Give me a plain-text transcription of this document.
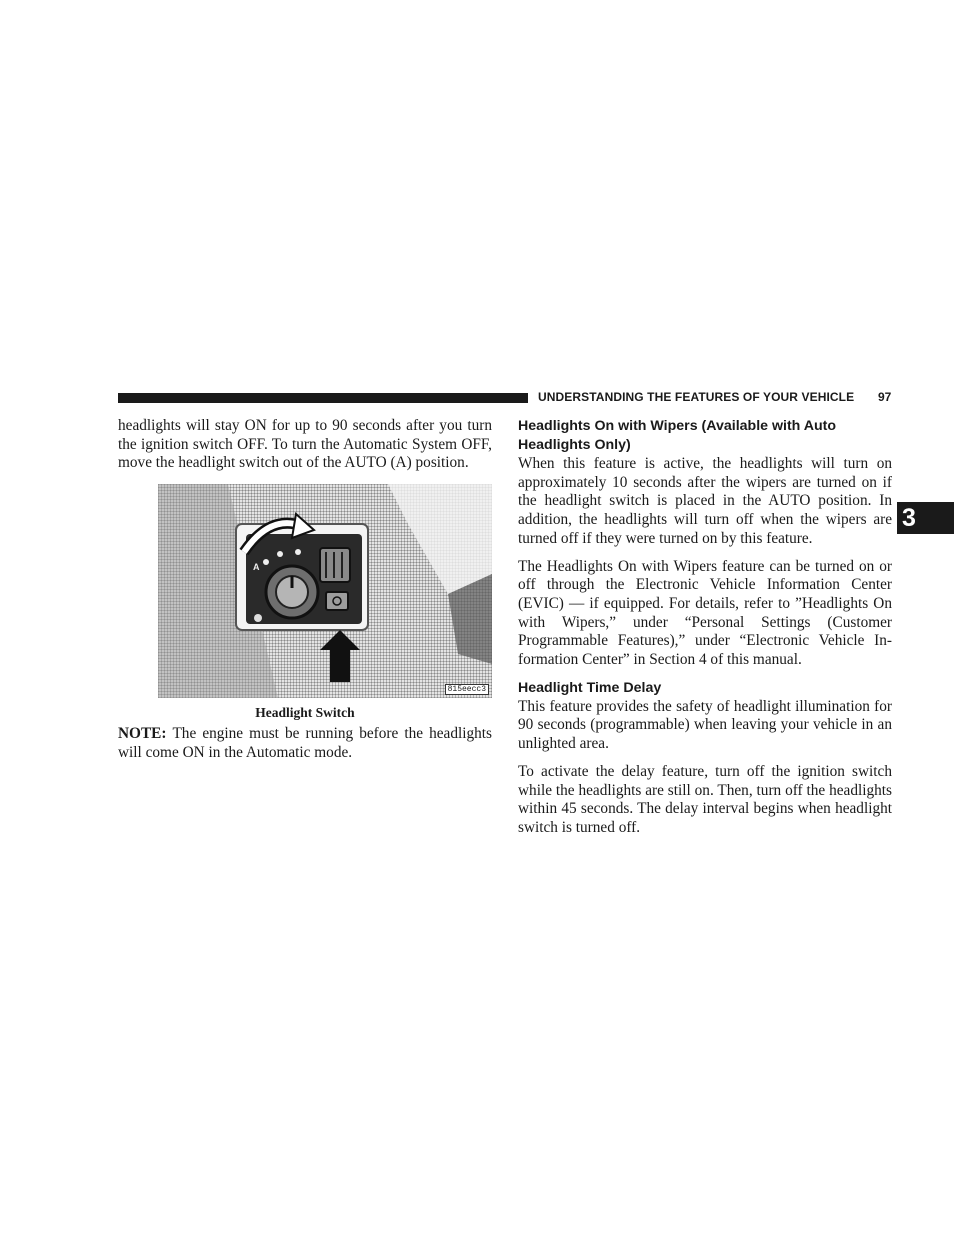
UNDERSTANDING THE FEATURES OF YOUR VEHICLE 97
3

headlights will stay ON for up to 90 seconds after you turn the ignition switch OFF. To turn the Automatic System OFF, move the headlight switch out of the AUTO (A) position.

A
815eecc3
Headlight Switch

NOTE: The engine must be running before the headlights will come ON in the Automatic mode.

Headlights On with Wipers (Available with Auto Headlights Only)

When this feature is active, the headlights will turn on approximately 10 seconds after the wipers are turned on if the headlight switch is placed in the AUTO position. In addition, the headlights will turn off when the wipers are turned off if they were turned on by this feature.

The Headlights On with Wipers feature can be turned on or off through the Electronic Vehicle Information Center (EVIC) — if equipped. For details, refer to ”Headlights On with Wipers,” under “Personal Settings (Customer Programmable Features),” under “Electronic Vehicle Information Center” in Section 4 of this manual.

Headlight Time Delay

This feature provides the safety of headlight illumination for 90 seconds (programmable) when leaving your vehicle in an unlighted area.

To activate the delay feature, turn off the ignition switch while the headlights are still on. Then, turn off the headlights within 45 seconds. The delay interval begins when headlight switch is turned off.
